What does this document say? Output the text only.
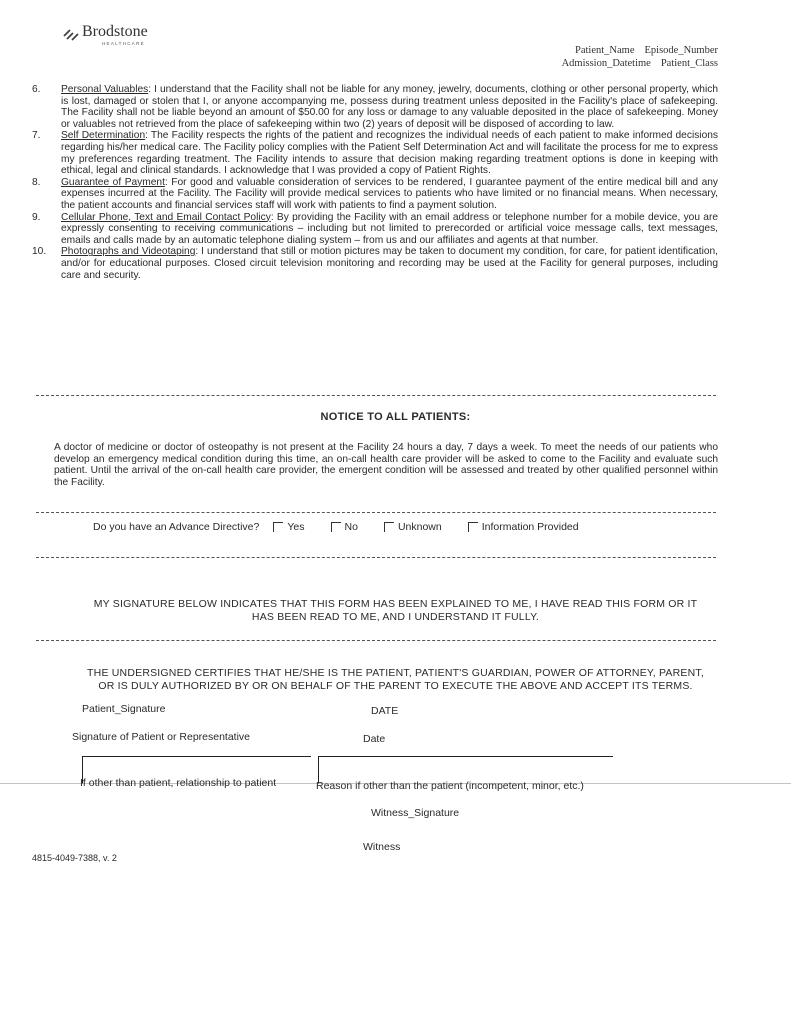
Brodstone
HEALTHCARE
Patient_Name Episode_Number
Admission_Datetime Patient_Class
6.	Personal Valuables: I understand that the Facility shall not be liable for any money, jewelry, documents, clothing or other personal property, which is lost, damaged or stolen that I, or anyone accompanying me, possess during treatment unless deposited in the Facility's place of safekeeping. The Facility shall not be liable beyond an amount of $50.00 for any loss or damage to any valuable deposited in the place of safekeeping. Money or valuables not retrieved from the place of safekeeping within two (2) years of deposit will be disposed of according to law.
7.	Self Determination: The Facility respects the rights of the patient and recognizes the individual needs of each patient to make informed decisions regarding his/her medical care. The Facility policy complies with the Patient Self Determination Act and will facilitate the process for me to express my preferences regarding treatment. The Facility intends to assure that decision making regarding treatment options is done in keeping with ethical, legal and clinical standards. I acknowledge that I was provided a copy of Patient Rights.
8.	Guarantee of Payment: For good and valuable consideration of services to be rendered, I guarantee payment of the entire medical bill and any expenses incurred at the Facility. The Facility will provide medical services to patients who have limited or no financial means. When necessary, the patient accounts and financial services staff will work with patients to find a payment solution.
9.	Cellular Phone, Text and Email Contact Policy: By providing the Facility with an email address or telephone number for a mobile device, you are expressly consenting to receiving communications – including but not limited to prerecorded or artificial voice message calls, text messages, emails and calls made by an automatic telephone dialing system – from us and our affiliates and agents at that number.
10.	Photographs and Videotaping: I understand that still or motion pictures may be taken to document my condition, for care, for patient identification, and/or for educational purposes. Closed circuit television monitoring and recording may be used at the Facility for general purposes, including care and security.
NOTICE TO ALL PATIENTS:
A doctor of medicine or doctor of osteopathy is not present at the Facility 24 hours a day, 7 days a week. To meet the needs of our patients who develop an emergency medical condition during this time, an on-call health care provider will be asked to come to the Facility and evaluate such patient. Until the arrival of the on-call health care provider, the emergent condition will be assessed and treated by other qualified personnel within the Facility.
Do you have an Advance Directive?	Yes	No	Unknown	Information Provided
MY SIGNATURE BELOW INDICATES THAT THIS FORM HAS BEEN EXPLAINED TO ME, I HAVE READ THIS FORM OR IT
HAS BEEN READ TO ME, AND I UNDERSTAND IT FULLY.
THE UNDERSIGNED CERTIFIES THAT HE/SHE IS THE PATIENT, PATIENT'S GUARDIAN, POWER OF ATTORNEY, PARENT,
OR IS DULY AUTHORIZED BY OR ON BEHALF OF THE PARENT TO EXECUTE THE ABOVE AND ACCEPT ITS TERMS.
Patient_Signature	DATE
Signature of Patient or Representative	Date
If other than patient, relationship to patient	Reason if other than the patient (incompetent, minor, etc.)
Witness_Signature
Witness
4815-4049-7388, v. 2
